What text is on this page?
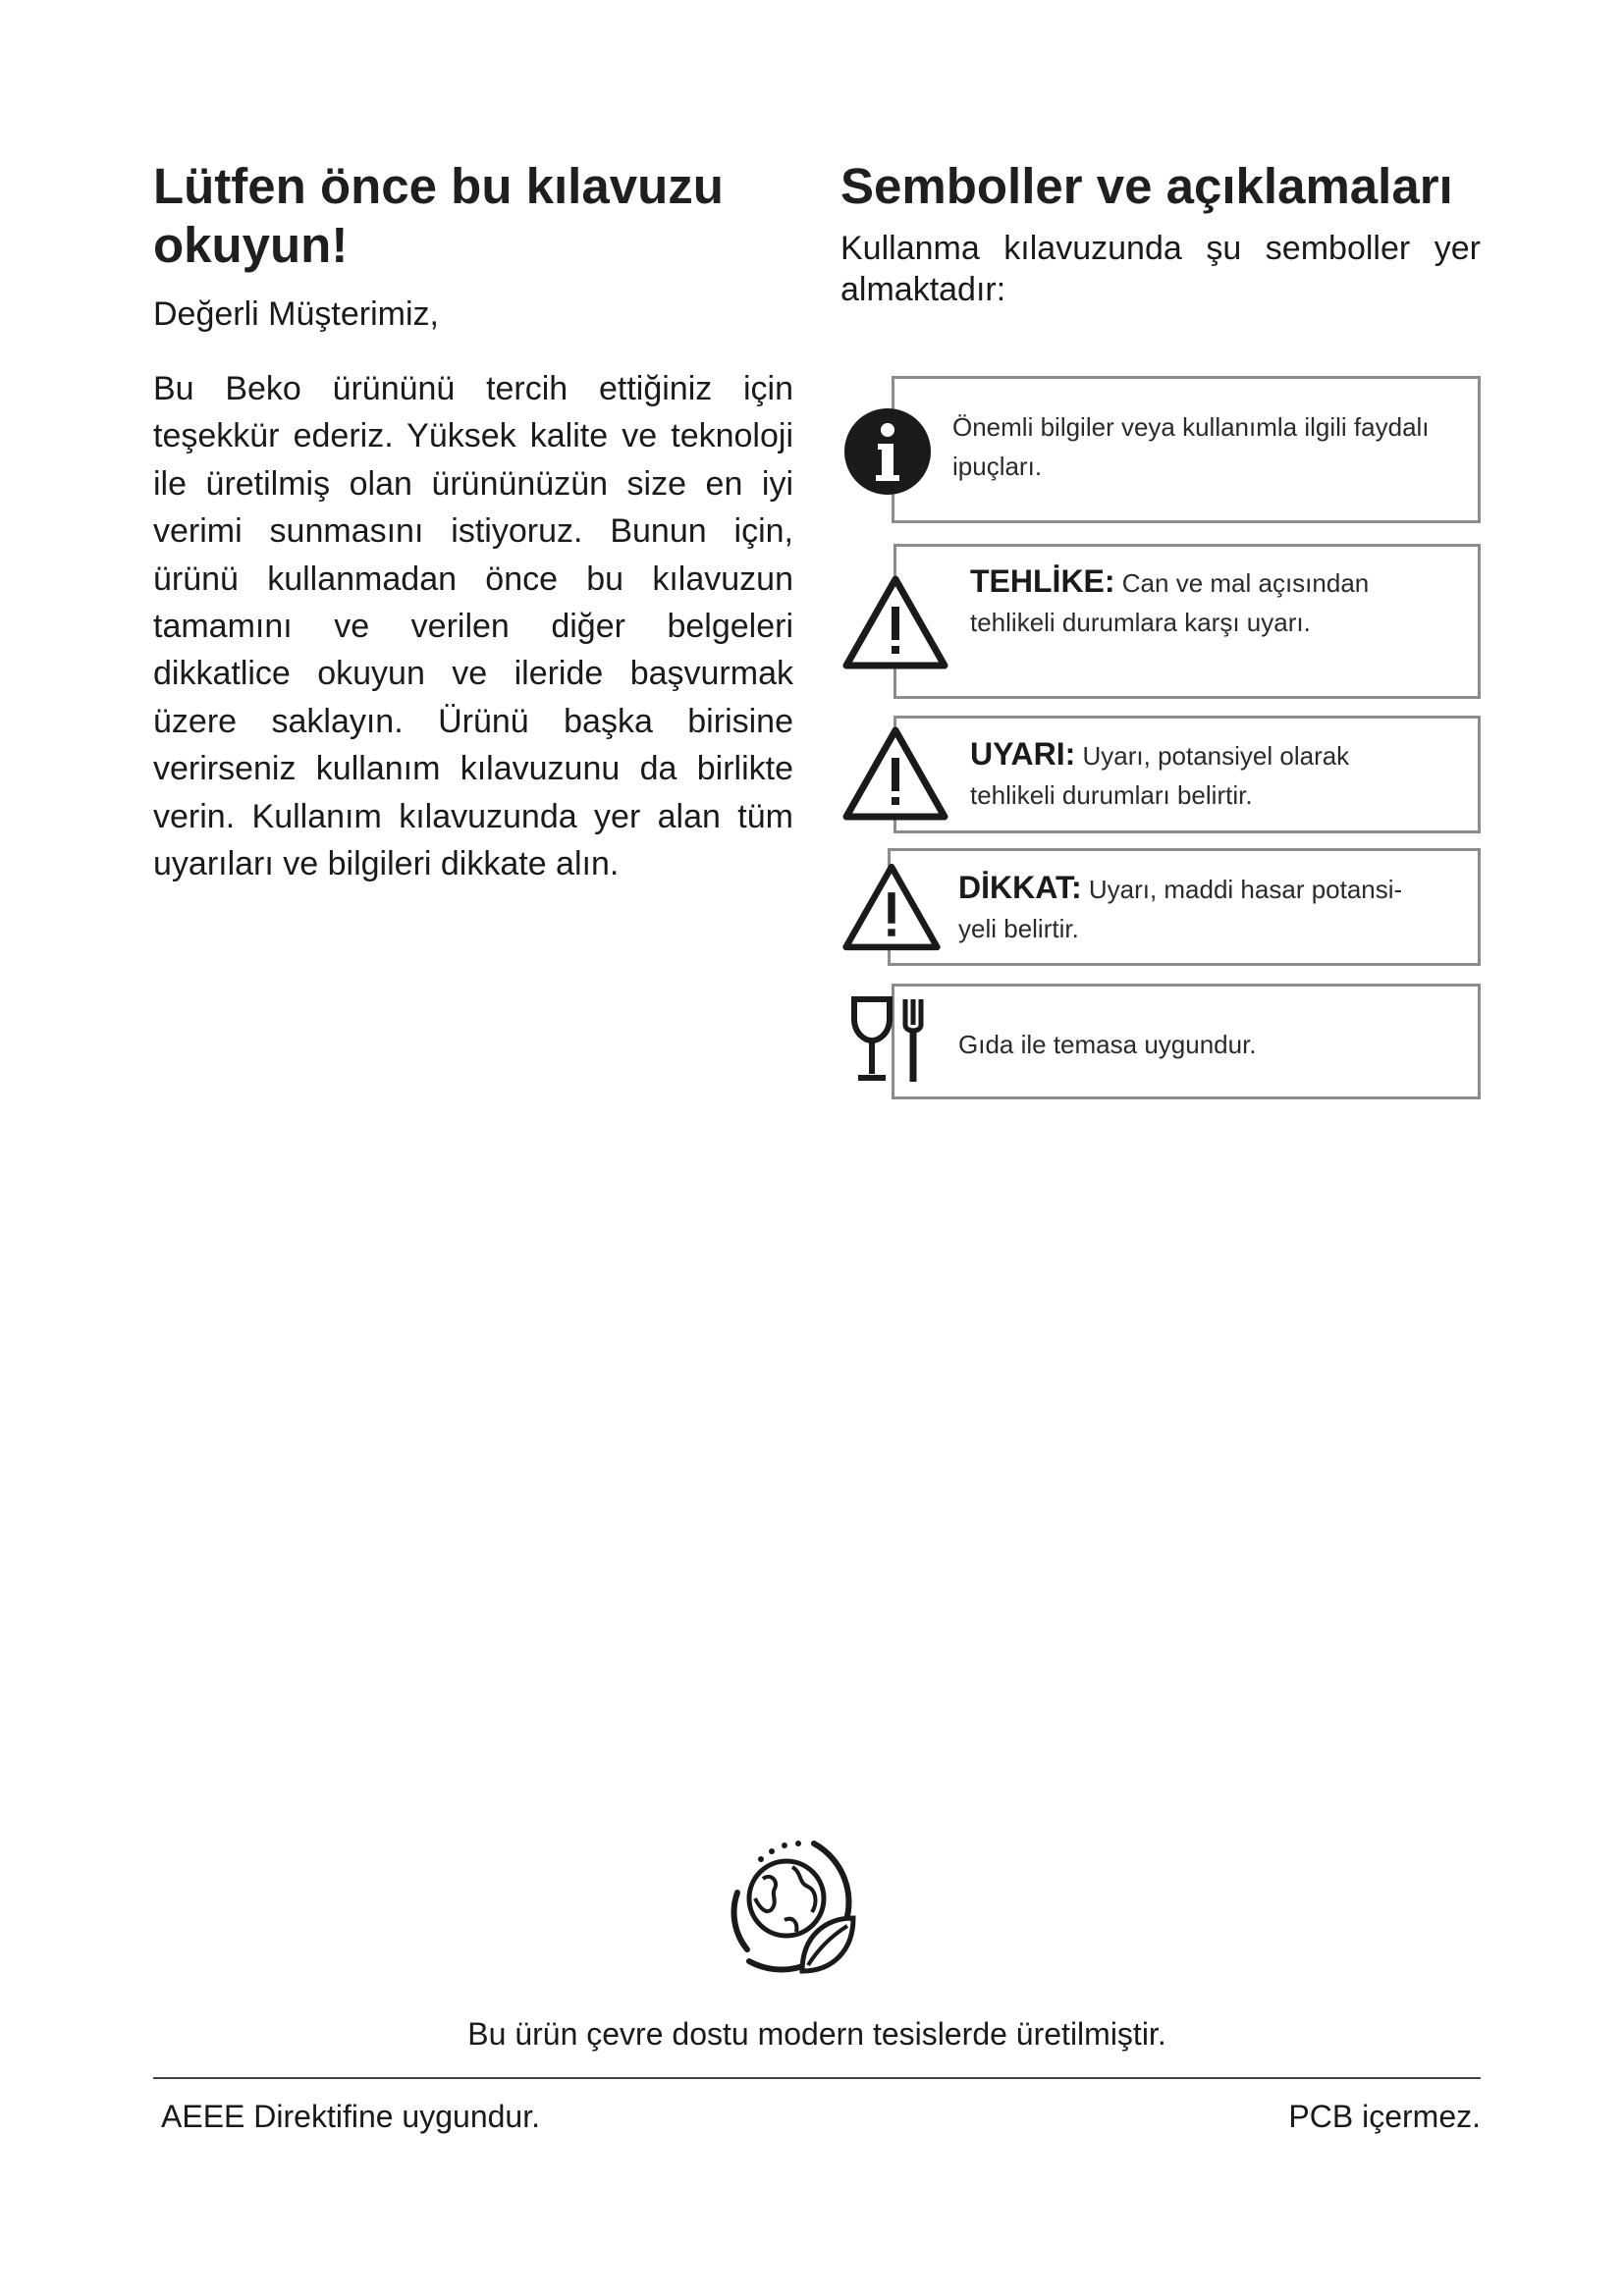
Lütfen önce bu kılavuzu okuyun!

Değerli Müşterimiz,

Bu Beko ürününü tercih ettiğiniz için teşekkür ederiz. Yüksek kalite ve teknoloji ile üretilmiş olan ürününüzün size en iyi verimi sunmasını istiyoruz. Bunun için, ürünü kullanmadan önce bu kılavuzun tamamını ve verilen diğer belgeleri dikkatlice okuyun ve ileride başvurmak üzere saklayın. Ürünü başka birisine verirseniz kullanım kılavuzunu da birlikte verin. Kullanım kılavuzunda yer alan tüm uyarıları ve bilgileri dikkate alın.

Semboller ve açıklamaları

Kullanma kılavuzunda şu semboller yer almaktadır:

Önemli bilgiler veya kullanımla ilgili faydalı
ipuçları.
TEHLİKE: Can ve mal açısından
tehlikeli durumlara karşı uyarı.
UYARI: Uyarı, potansiyel olarak
tehlikeli durumları belirtir.
DİKKAT: Uyarı, maddi hasar potansi-
yeli belirtir.
Gıda ile temasa uygundur.
Bu ürün çevre dostu modern tesislerde üretilmiştir.
AEEE Direktifine uygundur.	PCB içermez.
